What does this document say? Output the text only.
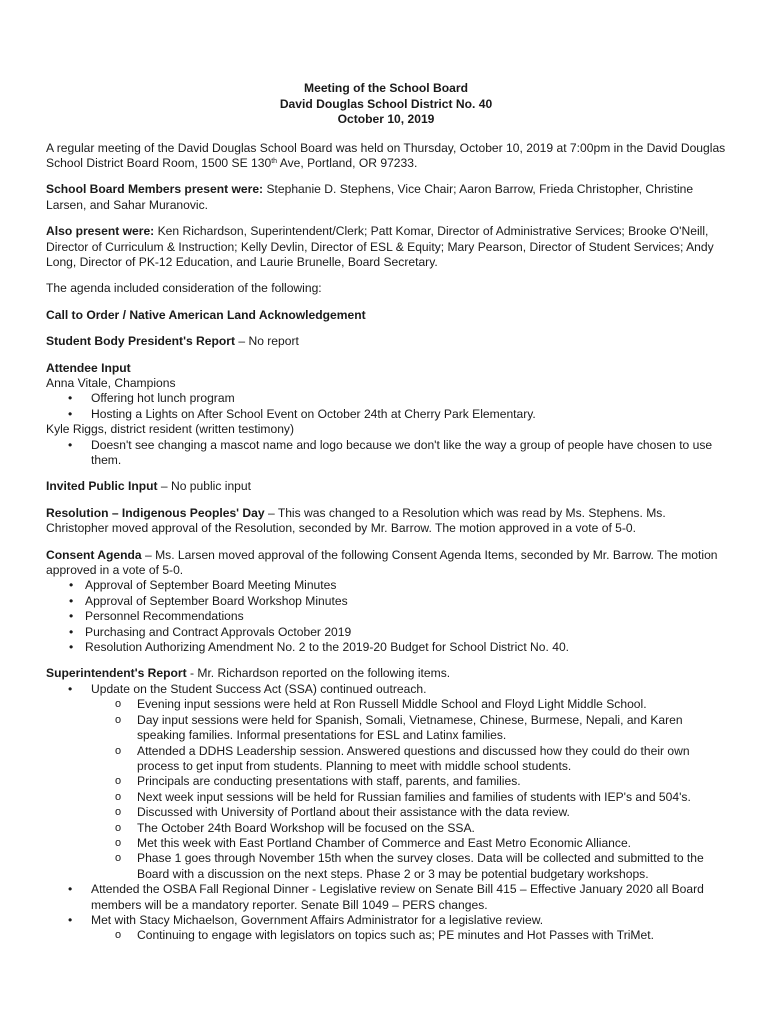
Meeting of the School Board
David Douglas School District No. 40
October 10, 2019

A regular meeting of the David Douglas School Board was held on Thursday, October 10, 2019 at 7:00pm in the David Douglas School District Board Room, 1500 SE 130th Ave, Portland, OR 97233.

School Board Members present were: Stephanie D. Stephens, Vice Chair; Aaron Barrow, Frieda Christopher, Christine Larsen, and Sahar Muranovic.

Also present were: Ken Richardson, Superintendent/Clerk; Patt Komar, Director of Administrative Services; Brooke O'Neill, Director of Curriculum & Instruction; Kelly Devlin, Director of ESL & Equity; Mary Pearson, Director of Student Services; Andy Long, Director of PK-12 Education, and Laurie Brunelle, Board Secretary.

The agenda included consideration of the following:

Call to Order / Native American Land Acknowledgement

Student Body President's Report – No report

Attendee Input
Anna Vitale, Champions
• Offering hot lunch program
• Hosting a Lights on After School Event on October 24th at Cherry Park Elementary.
Kyle Riggs, district resident (written testimony)
• Doesn't see changing a mascot name and logo because we don't like the way a group of people have chosen to use them.

Invited Public Input – No public input

Resolution – Indigenous Peoples' Day – This was changed to a Resolution which was read by Ms. Stephens. Ms. Christopher moved approval of the Resolution, seconded by Mr. Barrow. The motion approved in a vote of 5-0.

Consent Agenda – Ms. Larsen moved approval of the following Consent Agenda Items, seconded by Mr. Barrow. The motion approved in a vote of 5-0.
• Approval of September Board Meeting Minutes
• Approval of September Board Workshop Minutes
• Personnel Recommendations
• Purchasing and Contract Approvals October 2019
• Resolution Authorizing Amendment No. 2 to the 2019-20 Budget for School District No. 40.
Superintendent's Report - Mr. Richardson reported on the following items.
• Update on the Student Success Act (SSA) continued outreach.
o Evening input sessions were held at Ron Russell Middle School and Floyd Light Middle School.
o Day input sessions were held for Spanish, Somali, Vietnamese, Chinese, Burmese, Nepali, and Karen speaking families. Informal presentations for ESL and Latinx families.
o Attended a DDHS Leadership session. Answered questions and discussed how they could do their own process to get input from students. Planning to meet with middle school students.
o Principals are conducting presentations with staff, parents, and families.
o Next week input sessions will be held for Russian families and families of students with IEP's and 504's.
o Discussed with University of Portland about their assistance with the data review.
o The October 24th Board Workshop will be focused on the SSA.
o Met this week with East Portland Chamber of Commerce and East Metro Economic Alliance.
o Phase 1 goes through November 15th when the survey closes. Data will be collected and submitted to the Board with a discussion on the next steps. Phase 2 or 3 may be potential budgetary workshops.
• Attended the OSBA Fall Regional Dinner - Legislative review on Senate Bill 415 – Effective January 2020 all Board members will be a mandatory reporter. Senate Bill 1049 – PERS changes.
• Met with Stacy Michaelson, Government Affairs Administrator for a legislative review.
o Continuing to engage with legislators on topics such as; PE minutes and Hot Passes with TriMet.
